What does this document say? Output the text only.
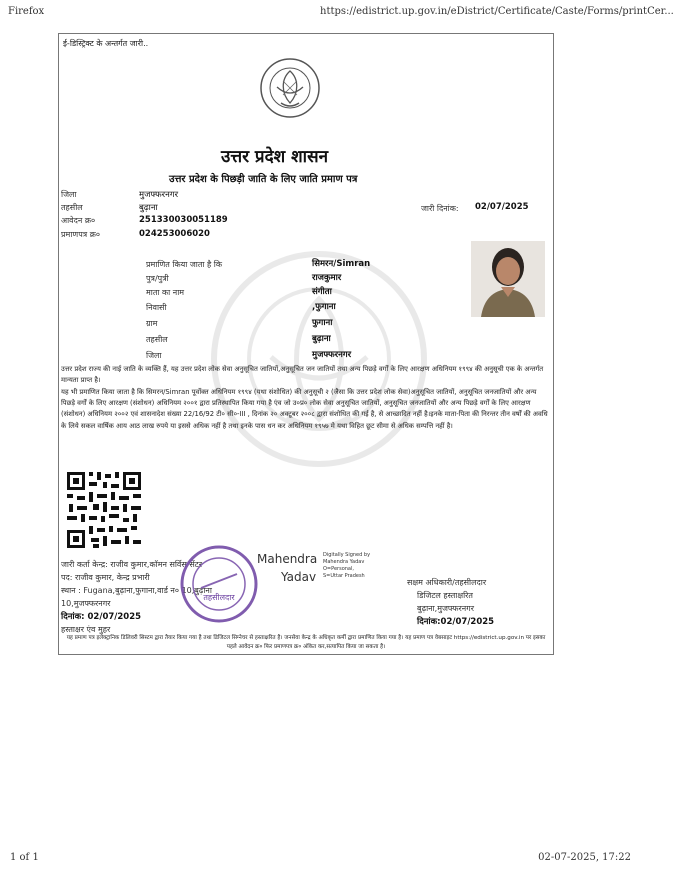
Firefox	https://edistrict.up.gov.in/eDistrict/Certificate/Caste/Forms/printCer...
ई-डिस्ट्रिक्ट के अन्तर्गत जारी..
उत्तर प्रदेश शासन
उत्तर प्रदेश के पिछड़ी जाति के लिए जाति प्रमाण पत्र
जिला	मुजफ्फरनगर
तहसील	बुढ़ाना
आवेदन क्र०	251330030051189
प्रमाणपत्र क्र०	024253006020
जारी दिनांक: 02/07/2025
प्रमाणित किया जाता है कि	सिमरन/Simran
पुत्र/पुत्री	राजकुमार
माता का नाम	संगीता
निवासी	,फुगाना
ग्राम	फुगाना
तहसील	बुढ़ाना
जिला	मुजफ्फरनगर
उत्तर प्रदेश राज्य की नाई जाति के व्यक्ति हैं, यह उत्तर प्रदेश लोक सेवा अनुसूचित जातियों,अनुसूचित जन जातियों तथा अन्य पिछड़े वर्गों के लिए आरक्षण अधिनियम १९९४ की अनुसूची एक के अन्तर्गत मान्यता प्राप्त है।
यह भी प्रमाणित किया जाता है कि सिमरन/Simran पूर्वोक्त अधिनियम १९९४ (यथा संशोधित) की अनुसूची २ (जैसा कि उत्तर प्रदेश लोक सेवा)अनुसूचित जातियों, अनुसूचित जनजातियों और अन्य पिछड़े वर्गों के लिए आरक्षण (संशोधन) अधिनियम २००१ द्वारा प्रतिस्थापित किया गया है एंव जो उ०प्र० लोक सेवा अनुसूचित जातियों, अनुसूचित जनजातियों और अन्य पिछड़े वर्गों के लिए आरक्षण (संशोधन) अधिनियम २००२ एवं शासनादेश संख्या 22/16/92 टी० सी०-III , दिनांक २० अक्टूबर २००८ द्वारा संशोधित की गई है, से आच्छादित नहीं है।इनके माता-पिता की निरन्तर तीन वर्षों की अवधि के लिये सकल वार्षिक आय आठ लाख रुपये या इससे अधिक नहीं है तथा इनके पास धन कर अधिनियम १९५७ मे यथा विहित छूट सीमा से अधिक सम्पत्ति नहीं है।
जारी कर्ता केन्द्र: राजीव कुमार,कॉमन सर्विस सेंटर
पद: राजीव कुमार, केन्द्र प्रभारी
स्थान : Fugana,बुढ़ाना,फुगाना,वार्ड न० 10,बुढ़ाना
10,मुजफ्फरनगर
दिनांक: 02/07/2025
हस्ताक्षर एंव मुहर
तहसीलदार
Mahendra
Yadav
Digitally Signed by
Mahendra Yadav
O=Personal,
S=Uttar Pradesh
सक्षम अधिकारी/तहसीलदार
डिजिटल हस्ताक्षरित
बुढ़ाना,मुजफ्फरनगर
दिनांक:02/07/2025
यह प्रमाण पत्र इलेक्ट्रानिक डिलिवरी सिस्टम द्वारा तैयार किया गया है तथा डिजिटल सिग्नेचर से हस्ताक्षरित है। जनसेवा केन्द्र के अधिकृत कर्मी द्वारा प्रमाणित किया गया है। यह प्रमाण पत्र वेबसाइट https://edistrict.up.gov.in पर इसका पहले आवेदन क्र० फिर प्रमाणपत्र क्र० अंकित कर,सत्यापित किया जा सकता है।
1 of 1	02-07-2025, 17:22
